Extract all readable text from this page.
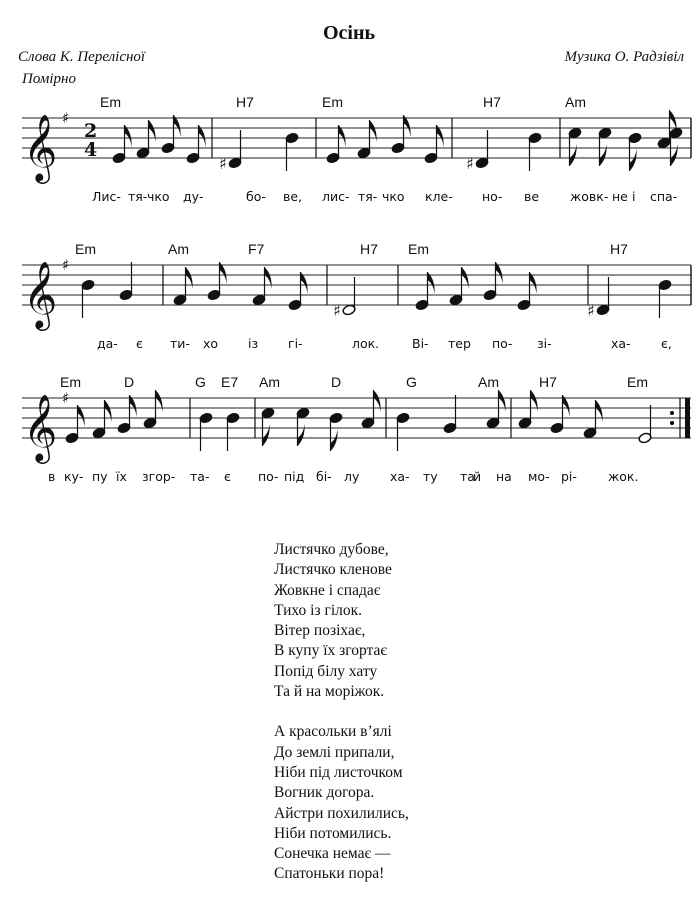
Осінь
Слова К. Перелісної	Музика О. Радзівіл
Помірно
𝄞 ♯
2
4
♯	♯
Em	H7	Em	H7	Am
Лис- тя- чко ду-	бо- ве, лис- тя- чко кле- но- ве жовк- не і спа-
𝄞 ♯
♯	♯
Em	Am	F7	H7 Em	H7
да- є ти- хо із гі-	лок.	Ві- тер по- зі-	ха- є,
𝄞 ♯
Em	D	G E7 Am	D	G	Am	H7	Em
в ку- пу їх згор- та- є по- під бі- лу ха- ту та
й на мо- рі- жок.
Листячко дубове,
Листячко кленове
Жовкне і спадає
Тихо із гілок.
Вітер позіхає,
В купу їх згортає
Попід білу хату
Та й на моріжок.
А красольки в’ялі
До землі припали,
Ніби під листочком
Вогник догора.
Айстри похилились,
Ніби потомились.
Сонечка немає —
Спатоньки пора!
